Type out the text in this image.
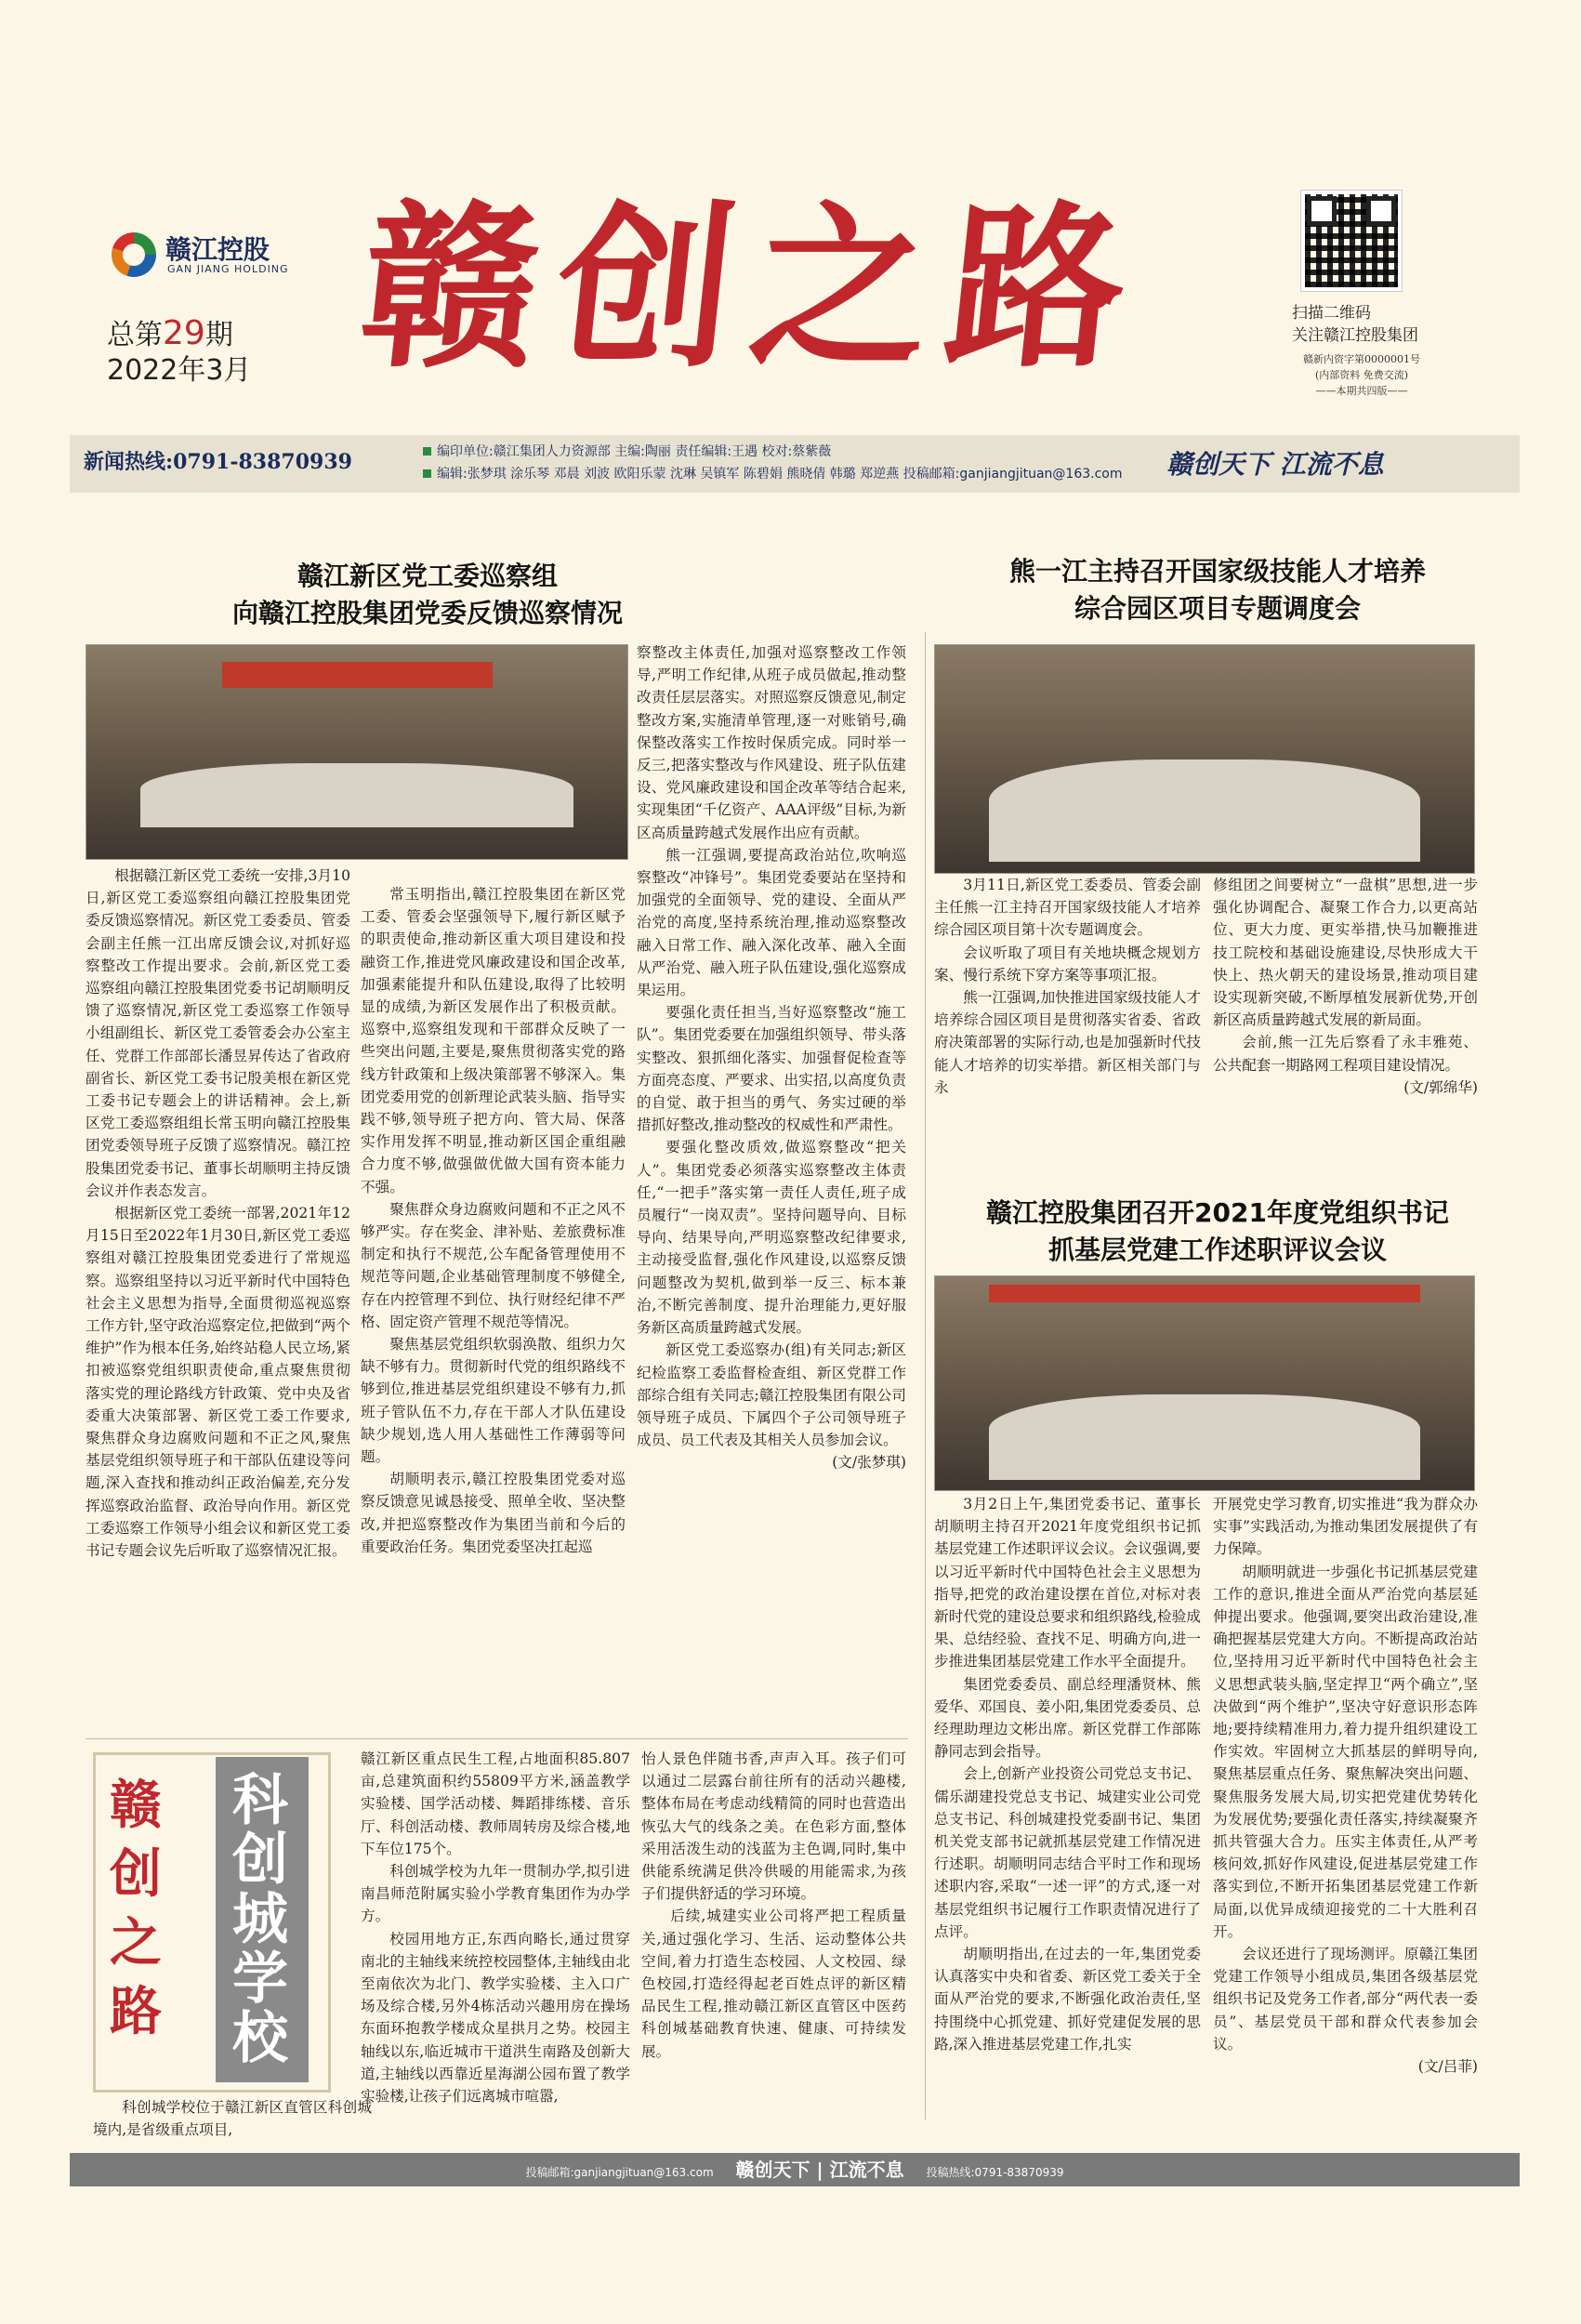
赣江控股
GAN JIANG HOLDING
总第29期
2022年3月 赣创之路	扫描二维码
关注赣江控股集团
赣新内资字第0000001号
(内部资料 免费交流)
——本期共四版——
新闻热线:0791-83870939	编印单位:赣江集团人力资源部 主编:陶丽 责任编辑:王遇 校对:蔡紫薇
编辑:张梦琪 涂乐琴 邓晨 刘波 欧阳乐蒙 沈琳 吴镇军 陈碧娟 熊晓倩 韩璐 郑逆燕 投稿邮箱:ganjiangjituan@163.com	赣创天下 江流不息
赣江新区党工委巡察组
向赣江控股集团党委反馈巡察情况

根据赣江新区党工委统一安排,3月10日,新区党工委巡察组向赣江控股集团党委反馈巡察情况。新区党工委委员、管委会副主任熊一江出席反馈会议,对抓好巡察整改工作提出要求。会前,新区党工委巡察组向赣江控股集团党委书记胡顺明反馈了巡察情况,新区党工委巡察工作领导小组副组长、新区党工委管委会办公室主任、党群工作部部长潘昱昇传达了省政府副省长、新区党工委书记殷美根在新区党工委书记专题会上的讲话精神。会上,新区党工委巡察组组长常玉明向赣江控股集团党委领导班子反馈了巡察情况。赣江控股集团党委书记、董事长胡顺明主持反馈会议并作表态发言。

根据新区党工委统一部署,2021年12月15日至2022年1月30日,新区党工委巡察组对赣江控股集团党委进行了常规巡察。巡察组坚持以习近平新时代中国特色社会主义思想为指导,全面贯彻巡视巡察工作方针,坚守政治巡察定位,把做到“两个维护”作为根本任务,始终站稳人民立场,紧扣被巡察党组织职责使命,重点聚焦贯彻落实党的理论路线方针政策、党中央及省委重大决策部署、新区党工委工作要求,聚焦群众身边腐败问题和不正之风,聚焦基层党组织领导班子和干部队伍建设等问题,深入查找和推动纠正政治偏差,充分发挥巡察政治监督、政治导向作用。新区党工委巡察工作领导小组会议和新区党工委书记专题会议先后听取了巡察情况汇报。

常玉明指出,赣江控股集团在新区党工委、管委会坚强领导下,履行新区赋予的职责使命,推动新区重大项目建设和投融资工作,推进党风廉政建设和国企改革,加强素能提升和队伍建设,取得了比较明显的成绩,为新区发展作出了积极贡献。巡察中,巡察组发现和干部群众反映了一些突出问题,主要是,聚焦贯彻落实党的路线方针政策和上级决策部署不够深入。集团党委用党的创新理论武装头脑、指导实践不够,领导班子把方向、管大局、保落实作用发挥不明显,推动新区国企重组融合力度不够,做强做优做大国有资本能力不强。

聚焦群众身边腐败问题和不正之风不够严实。存在奖金、津补贴、差旅费标准制定和执行不规范,公车配备管理使用不规范等问题,企业基础管理制度不够健全,存在内控管理不到位、执行财经纪律不严格、固定资产管理不规范等情况。

聚焦基层党组织软弱涣散、组织力欠缺不够有力。贯彻新时代党的组织路线不够到位,推进基层党组织建设不够有力,抓班子管队伍不力,存在干部人才队伍建设缺少规划,选人用人基础性工作薄弱等问题。

胡顺明表示,赣江控股集团党委对巡察反馈意见诚恳接受、照单全收、坚决整改,并把巡察整改作为集团当前和今后的重要政治任务。集团党委坚决扛起巡

察整改主体责任,加强对巡察整改工作领导,严明工作纪律,从班子成员做起,推动整改责任层层落实。对照巡察反馈意见,制定整改方案,实施清单管理,逐一对账销号,确保整改落实工作按时保质完成。同时举一反三,把落实整改与作风建设、班子队伍建设、党风廉政建设和国企改革等结合起来,实现集团“千亿资产、AAA评级”目标,为新区高质量跨越式发展作出应有贡献。

熊一江强调,要提高政治站位,吹响巡察整改“冲锋号”。集团党委要站在坚持和加强党的全面领导、党的建设、全面从严治党的高度,坚持系统治理,推动巡察整改融入日常工作、融入深化改革、融入全面从严治党、融入班子队伍建设,强化巡察成果运用。

要强化责任担当,当好巡察整改“施工队”。集团党委要在加强组织领导、带头落实整改、狠抓细化落实、加强督促检查等方面亮态度、严要求、出实招,以高度负责的自觉、敢于担当的勇气、务实过硬的举措抓好整改,推动整改的权威性和严肃性。

要强化整改质效,做巡察整改“把关人”。集团党委必须落实巡察整改主体责任,“一把手”落实第一责任人责任,班子成员履行“一岗双责”。坚持问题导向、目标导向、结果导向,严明巡察整改纪律要求,主动接受监督,强化作风建设,以巡察反馈问题整改为契机,做到举一反三、标本兼治,不断完善制度、提升治理能力,更好服务新区高质量跨越式发展。

新区党工委巡察办(组)有关同志;新区纪检监察工委监督检查组、新区党群工作部综合组有关同志;赣江控股集团有限公司领导班子成员、下属四个子公司领导班子成员、员工代表及其相关人员参加会议。

(文/张梦琪)
熊一江主持召开国家级技能人才培养
综合园区项目专题调度会

3月11日,新区党工委委员、管委会副主任熊一江主持召开国家级技能人才培养综合园区项目第十次专题调度会。

会议听取了项目有关地块概念规划方案、慢行系统下穿方案等事项汇报。

熊一江强调,加快推进国家级技能人才培养综合园区项目是贯彻落实省委、省政府决策部署的实际行动,也是加强新时代技能人才培养的切实举措。新区相关部门与永

修组团之间要树立“一盘棋”思想,进一步强化协调配合、凝聚工作合力,以更高站位、更大力度、更实举措,快马加鞭推进技工院校和基础设施建设,尽快形成大干快上、热火朝天的建设场景,推动项目建设实现新突破,不断厚植发展新优势,开创新区高质量跨越式发展的新局面。

会前,熊一江先后察看了永丰雅苑、公共配套一期路网工程项目建设情况。

(文/郭绵华)
赣江控股集团召开2021年度党组织书记
抓基层党建工作述职评议会议

3月2日上午,集团党委书记、董事长胡顺明主持召开2021年度党组织书记抓基层党建工作述职评议会议。会议强调,要以习近平新时代中国特色社会主义思想为指导,把党的政治建设摆在首位,对标对表新时代党的建设总要求和组织路线,检验成果、总结经验、查找不足、明确方向,进一步推进集团基层党建工作水平全面提升。

集团党委委员、副总经理潘贤林、熊爱华、邓国良、姜小阳,集团党委委员、总经理助理边文彬出席。新区党群工作部陈静同志到会指导。

会上,创新产业投资公司党总支书记、儒乐湖建投党总支书记、城建实业公司党总支书记、科创城建投党委副书记、集团机关党支部书记就抓基层党建工作情况进行述职。胡顺明同志结合平时工作和现场述职内容,采取“一述一评”的方式,逐一对基层党组织书记履行工作职责情况进行了点评。

胡顺明指出,在过去的一年,集团党委认真落实中央和省委、新区党工委关于全面从严治党的要求,不断强化政治责任,坚持围绕中心抓党建、抓好党建促发展的思路,深入推进基层党建工作,扎实

开展党史学习教育,切实推进“我为群众办实事”实践活动,为推动集团发展提供了有力保障。

胡顺明就进一步强化书记抓基层党建工作的意识,推进全面从严治党向基层延伸提出要求。他强调,要突出政治建设,准确把握基层党建大方向。不断提高政治站位,坚持用习近平新时代中国特色社会主义思想武装头脑,坚定捍卫“两个确立”,坚决做到“两个维护”,坚决守好意识形态阵地;要持续精准用力,着力提升组织建设工作实效。牢固树立大抓基层的鲜明导向,聚焦基层重点任务、聚焦解决突出问题、聚焦服务发展大局,切实把党建优势转化为发展优势;要强化责任落实,持续凝聚齐抓共管强大合力。压实主体责任,从严考核问效,抓好作风建设,促进基层党建工作落实到位,不断开拓集团基层党建工作新局面,以优异成绩迎接党的二十大胜利召开。

会议还进行了现场测评。原赣江集团党建工作领导小组成员,集团各级基层党组织书记及党务工作者,部分“两代表一委员”、基层党员干部和群众代表参加会议。

(文/吕菲)
赣创之路
科创城学校

科创城学校位于赣江新区直管区科创城境内,是省级重点项目,

赣江新区重点民生工程,占地面积85.807亩,总建筑面积约55809平方米,涵盖教学实验楼、国学活动楼、舞蹈排练楼、音乐厅、科创活动楼、教师周转房及综合楼,地下车位175个。

科创城学校为九年一贯制办学,拟引进南昌师范附属实验小学教育集团作为办学方。

校园用地方正,东西向略长,通过贯穿南北的主轴线来统控校园整体,主轴线由北至南依次为北门、教学实验楼、主入口广场及综合楼,另外4栋活动兴趣用房在操场东面环抱教学楼成众星拱月之势。校园主轴线以东,临近城市干道洪生南路及创新大道,主轴线以西靠近星海湖公园布置了教学实验楼,让孩子们远离城市喧嚣,

怡人景色伴随书香,声声入耳。孩子们可以通过二层露台前往所有的活动兴趣楼,整体布局在考虑动线精简的同时也营造出恢弘大气的线条之美。在色彩方面,整体采用活泼生动的浅蓝为主色调,同时,集中供能系统满足供冷供暖的用能需求,为孩子们提供舒适的学习环境。

后续,城建实业公司将严把工程质量关,通过强化学习、生活、运动整体公共空间,着力打造生态校园、人文校园、绿色校园,打造经得起老百姓点评的新区精品民生工程,推动赣江新区直管区中医药科创城基础教育快速、健康、可持续发展。

投稿邮箱:ganjiangjituan@163.com 赣创天下 | 江流不息 投稿热线:0791-83870939
